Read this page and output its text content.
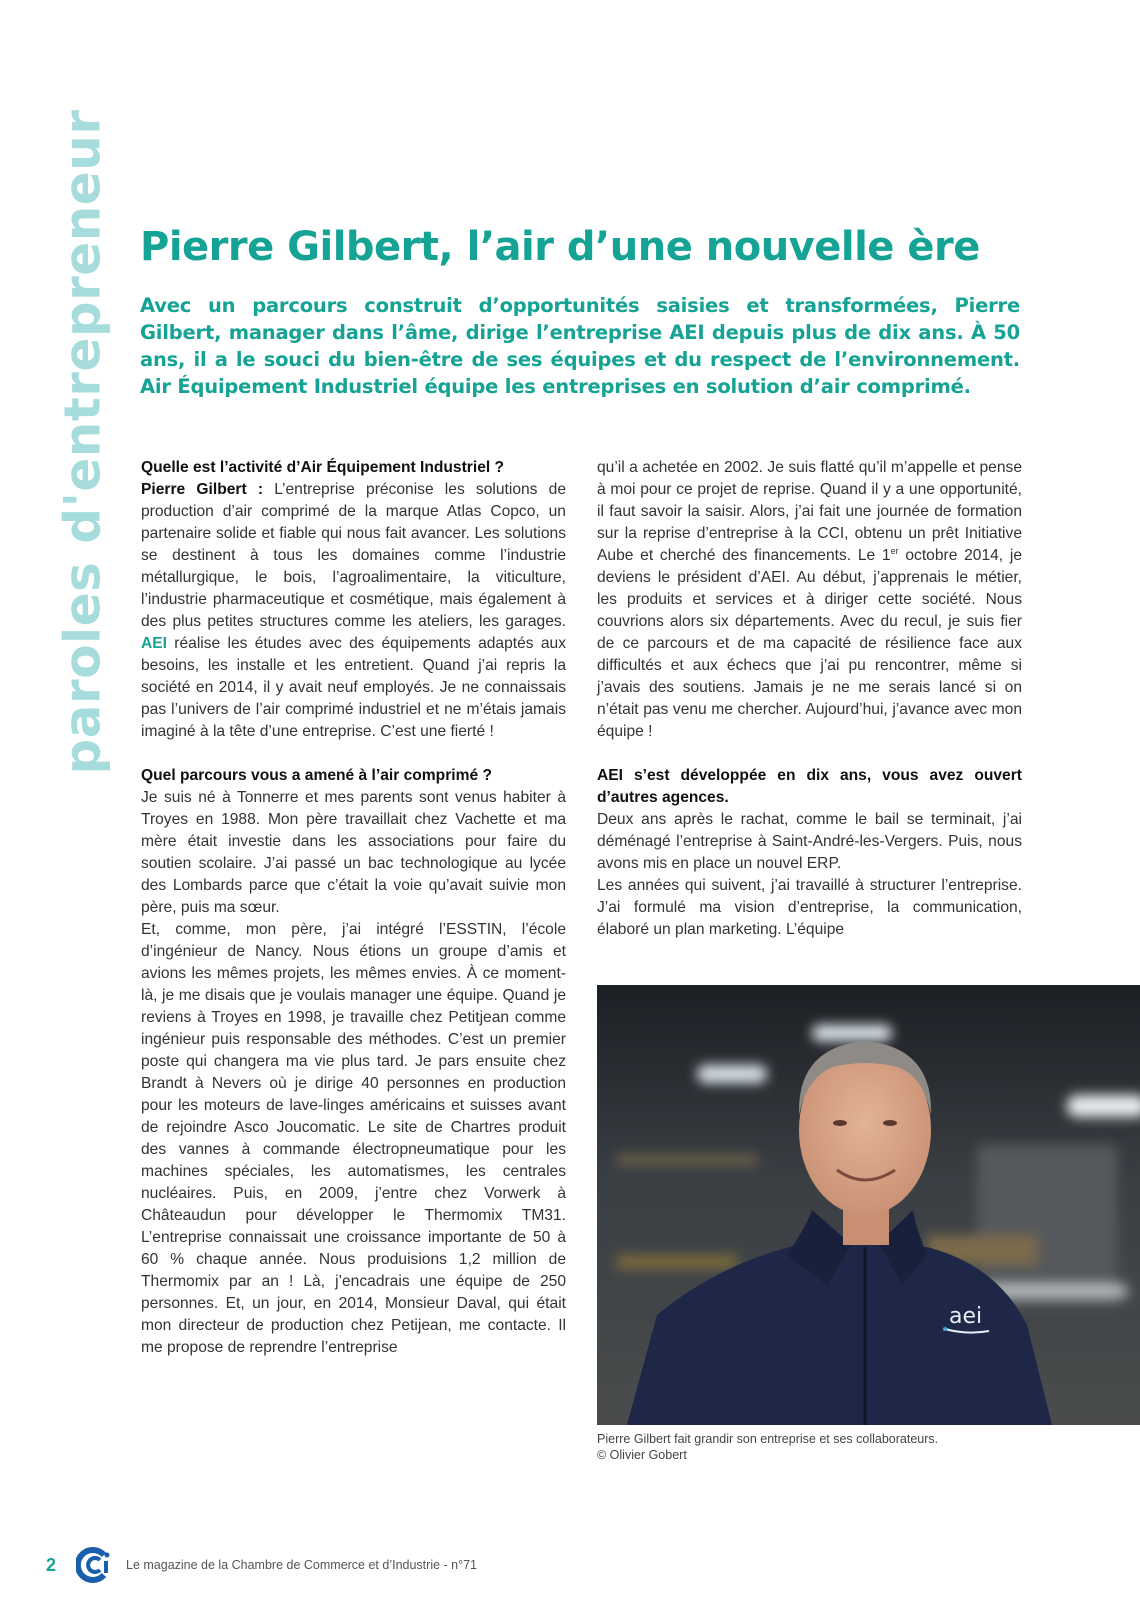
paroles d'entrepreneur Pierre Gilbert, l’air d’une nouvelle ère

Avec un parcours construit d’opportunités saisies et transformées, Pierre Gilbert, manager dans l’âme, dirige l’entreprise AEI depuis plus de dix ans. À 50 ans, il a le souci du bien-être de ses équipes et du respect de l’environnement. Air Équipement Industriel équipe les entreprises en solution d’air comprimé.

Quelle est l’activité d’Air Équipement Industriel ?

Pierre Gilbert : L’entreprise préconise les solutions de production d’air comprimé de la marque Atlas Copco, un partenaire solide et fiable qui nous fait avancer. Les solutions se destinent à tous les domaines comme l’industrie métallurgique, le bois, l’agroalimentaire, la viticulture, l’industrie pharmaceutique et cosmétique, mais également à des plus petites structures comme les ateliers, les garages. AEI réalise les études avec des équipements adaptés aux besoins, les installe et les entretient. Quand j’ai repris la société en 2014, il y avait neuf employés. Je ne connaissais pas l’univers de l’air comprimé industriel et ne m’étais jamais imaginé à la tête d’une entreprise. C’est une fierté !

Quel parcours vous a amené à l’air comprimé ?

Je suis né à Tonnerre et mes parents sont venus habiter à Troyes en 1988. Mon père travaillait chez Vachette et ma mère était investie dans les associations pour faire du soutien scolaire. J’ai passé un bac technologique au lycée des Lombards parce que c’était la voie qu’avait suivie mon père, puis ma sœur.

Et, comme, mon père, j’ai intégré l’ESSTIN, l’école d’ingénieur de Nancy. Nous étions un groupe d’amis et avions les mêmes projets, les mêmes envies. À ce moment-là, je me disais que je voulais manager une équipe. Quand je reviens à Troyes en 1998, je travaille chez Petitjean comme ingénieur puis responsable des méthodes. C’est un premier poste qui changera ma vie plus tard. Je pars ensuite chez Brandt à Nevers où je dirige 40 personnes en production pour les moteurs de lave-linges américains et suisses avant de rejoindre Asco Joucomatic. Le site de Chartres produit des vannes à commande électropneumatique pour les machines spéciales, les automatismes, les centrales nucléaires. Puis, en 2009, j’entre chez Vorwerk à Châteaudun pour développer le Thermomix TM31. L’entreprise connaissait une croissance importante de 50 à 60 % chaque année. Nous produisions 1,2 million de Thermomix par an ! Là, j’encadrais une équipe de 250 personnes. Et, un jour, en 2014, Monsieur Daval, qui était mon directeur de production chez Petijean, me contacte. Il me propose de reprendre l’entreprise

qu’il a achetée en 2002. Je suis flatté qu’il m’appelle et pense à moi pour ce projet de reprise. Quand il y a une opportunité, il faut savoir la saisir. Alors, j’ai fait une journée de formation sur la reprise d’entreprise à la CCI, obtenu un prêt Initiative Aube et cherché des financements. Le 1er octobre 2014, je deviens le président d’AEI. Au début, j’apprenais le métier, les produits et services et à diriger cette société. Nous couvrions alors six départements. Avec du recul, je suis fier de ce parcours et de ma capacité de résilience face aux difficultés et aux échecs que j’ai pu rencontrer, même si j’avais des soutiens. Jamais je ne me serais lancé si on n’était pas venu me chercher. Aujourd’hui, j’avance avec mon équipe !

AEI s’est développée en dix ans, vous avez ouvert d’autres agences.

Deux ans après le rachat, comme le bail se terminait, j’ai déménagé l’entreprise à Saint-André-les-Vergers. Puis, nous avons mis en place un nouvel ERP.

Les années qui suivent, j’ai travaillé à structurer l’entreprise. J’ai formulé ma vision d’entreprise, la communication, élaboré un plan marketing. L’équipe

aei
Pierre Gilbert fait grandir son entreprise et ses collaborateurs.
© Olivier Gobert
2	Le magazine de la Chambre de Commerce et d’Industrie - n°71
